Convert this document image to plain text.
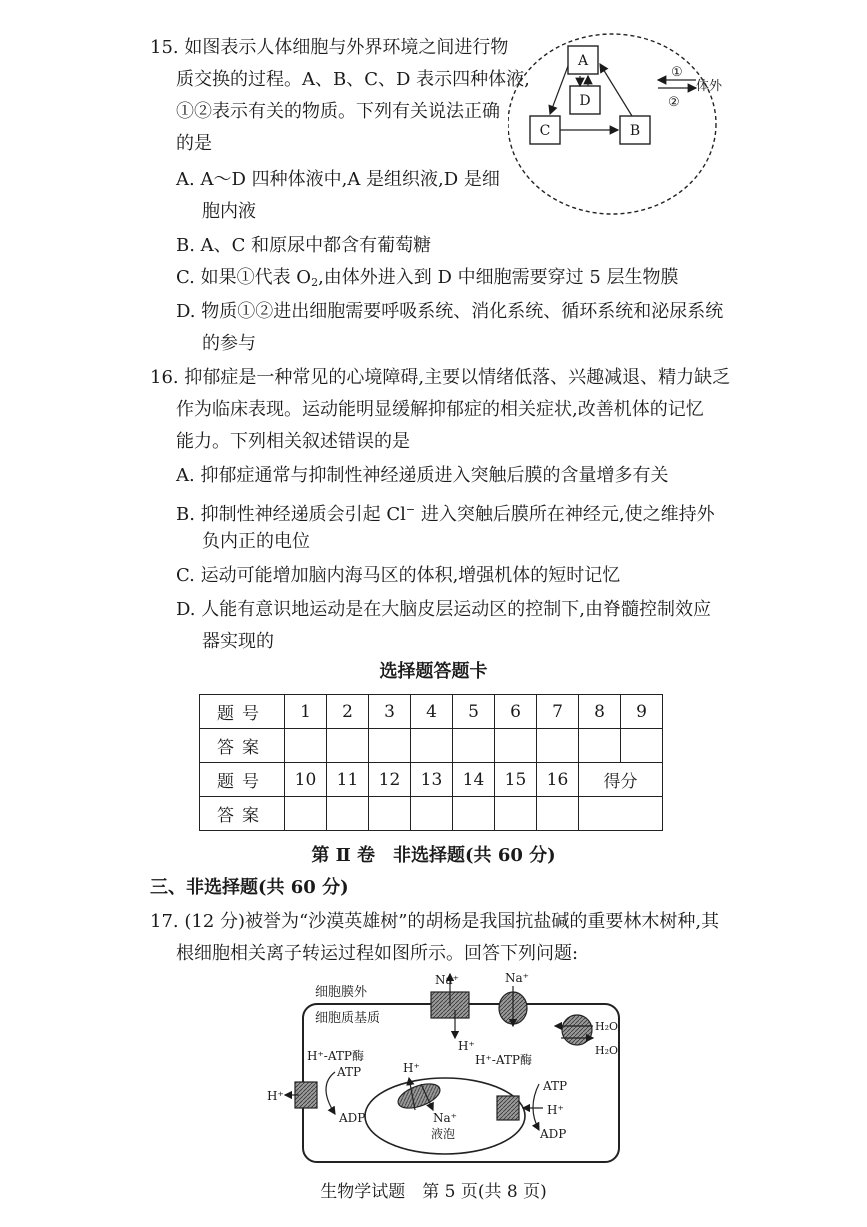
15. 如图表示人体细胞与外界环境之间进行物
质交换的过程。A、B、C、D 表示四种体液,
①②表示有关的物质。下列有关说法正确
的是
A. A～D 四种体液中,A 是组织液,D 是细
胞内液
B. A、C 和原尿中都含有葡萄糖
C. 如果①代表 $O_2$,由体外进入到 D 中细胞需要穿过 5 层生物膜
D. 物质①②进出细胞需要呼吸系统、消化系统、循环系统和泌尿系统
的参与
A
D
C	B
①
②
体外
16. 抑郁症是一种常见的心境障碍,主要以情绪低落、兴趣减退、精力缺乏
作为临床表现。运动能明显缓解抑郁症的相关症状,改善机体的记忆
能力。下列相关叙述错误的是
A. 抑郁症通常与抑制性神经递质进入突触后膜的含量增多有关
B. 抑制性神经递质会引起 Cl− 进入突触后膜所在神经元,使之维持外
负内正的电位
C. 运动可能增加脑内海马区的体积,增强机体的短时记忆
D. 人能有意识地运动是在大脑皮层运动区的控制下,由脊髓控制效应
器实现的
选择题答题卡
题号	1	2	3	4	5	6	7	8	9
答案									
题号	10	11	12	13	14	15	16	得分	
答案									
第 Ⅱ 卷　非选择题(共 60 分)
三、非选择题(共 60 分)
17. (12 分)被誉为“沙漠英雄树”的胡杨是我国抗盐碱的重要林木树种,其
根细胞相关离子转运过程如图所示。回答下列问题:
细胞膜外
细胞质基质
Na⁺
H⁺
Na⁺
H₂O
H₂O
H⁺-ATP酶
ATP
ADP
H⁺
液泡
H⁺
Na⁺
H⁺-ATP酶
ATP
ADP
H⁺
生物学试题　第 5 页(共 8 页)
